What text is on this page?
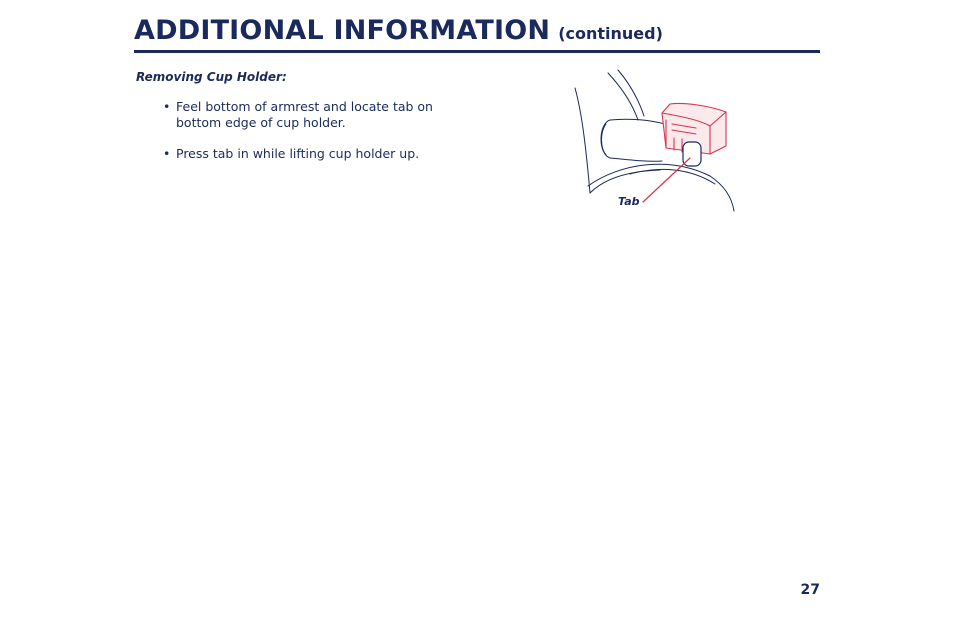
ADDITIONAL INFORMATION (continued)
Removing Cup Holder:
• Feel bottom of armrest and locate tab on bottom edge of cup holder.
• Press tab in while lifting cup holder up.
Tab
27
